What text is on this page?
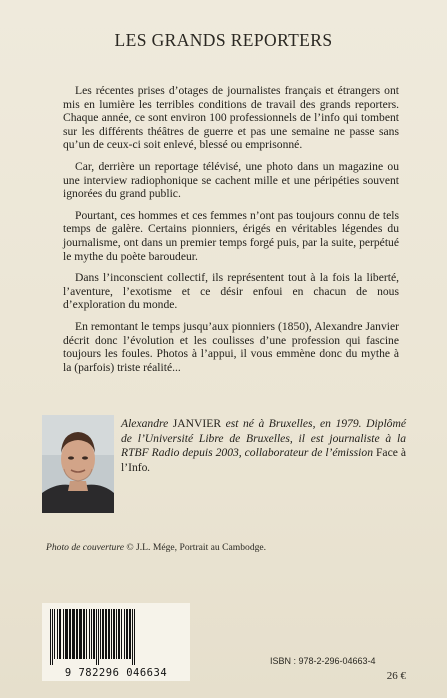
LES GRANDS REPORTERS

Les récentes prises d’otages de journalistes français et étrangers ont mis en lumière les terribles conditions de travail des grands reporters. Chaque année, ce sont environ 100 professionnels de l’info qui tombent sur les différents théâtres de guerre et pas une semaine ne passe sans qu’un de ceux-ci soit enlevé, blessé ou emprisonné.

Car, derrière un reportage télévisé, une photo dans un magazine ou une interview radiophonique se cachent mille et une péripéties souvent ignorées du grand public.

Pourtant, ces hommes et ces femmes n’ont pas toujours connu de tels temps de galère. Certains pionniers, érigés en véritables légendes du journalisme, ont dans un premier temps forgé puis, par la suite, perpétué le mythe du poète baroudeur.

Dans l’inconscient collectif, ils représentent tout à la fois la liberté, l’aventure, l’exotisme et ce désir enfoui en chacun de nous d’exploration du monde.

En remontant le temps jusqu’aux pionniers (1850), Alexandre Janvier décrit donc l’évolution et les coulisses d’une profession qui fascine toujours les foules. Photos à l’appui, il vous emmène donc du mythe à la (parfois) triste réalité...

Alexandre JANVIER est né à Bruxelles, en 1979. Diplômé de l’Université Libre de Bruxelles, il est journaliste à la RTBF Radio depuis 2003, collaborateur de l’émission Face à l’Info.
Photo de couverture © J.L. Mége, Portrait au Cambodge.
9 782296 046634
ISBN : 978-2-296-04663-4
26 €
